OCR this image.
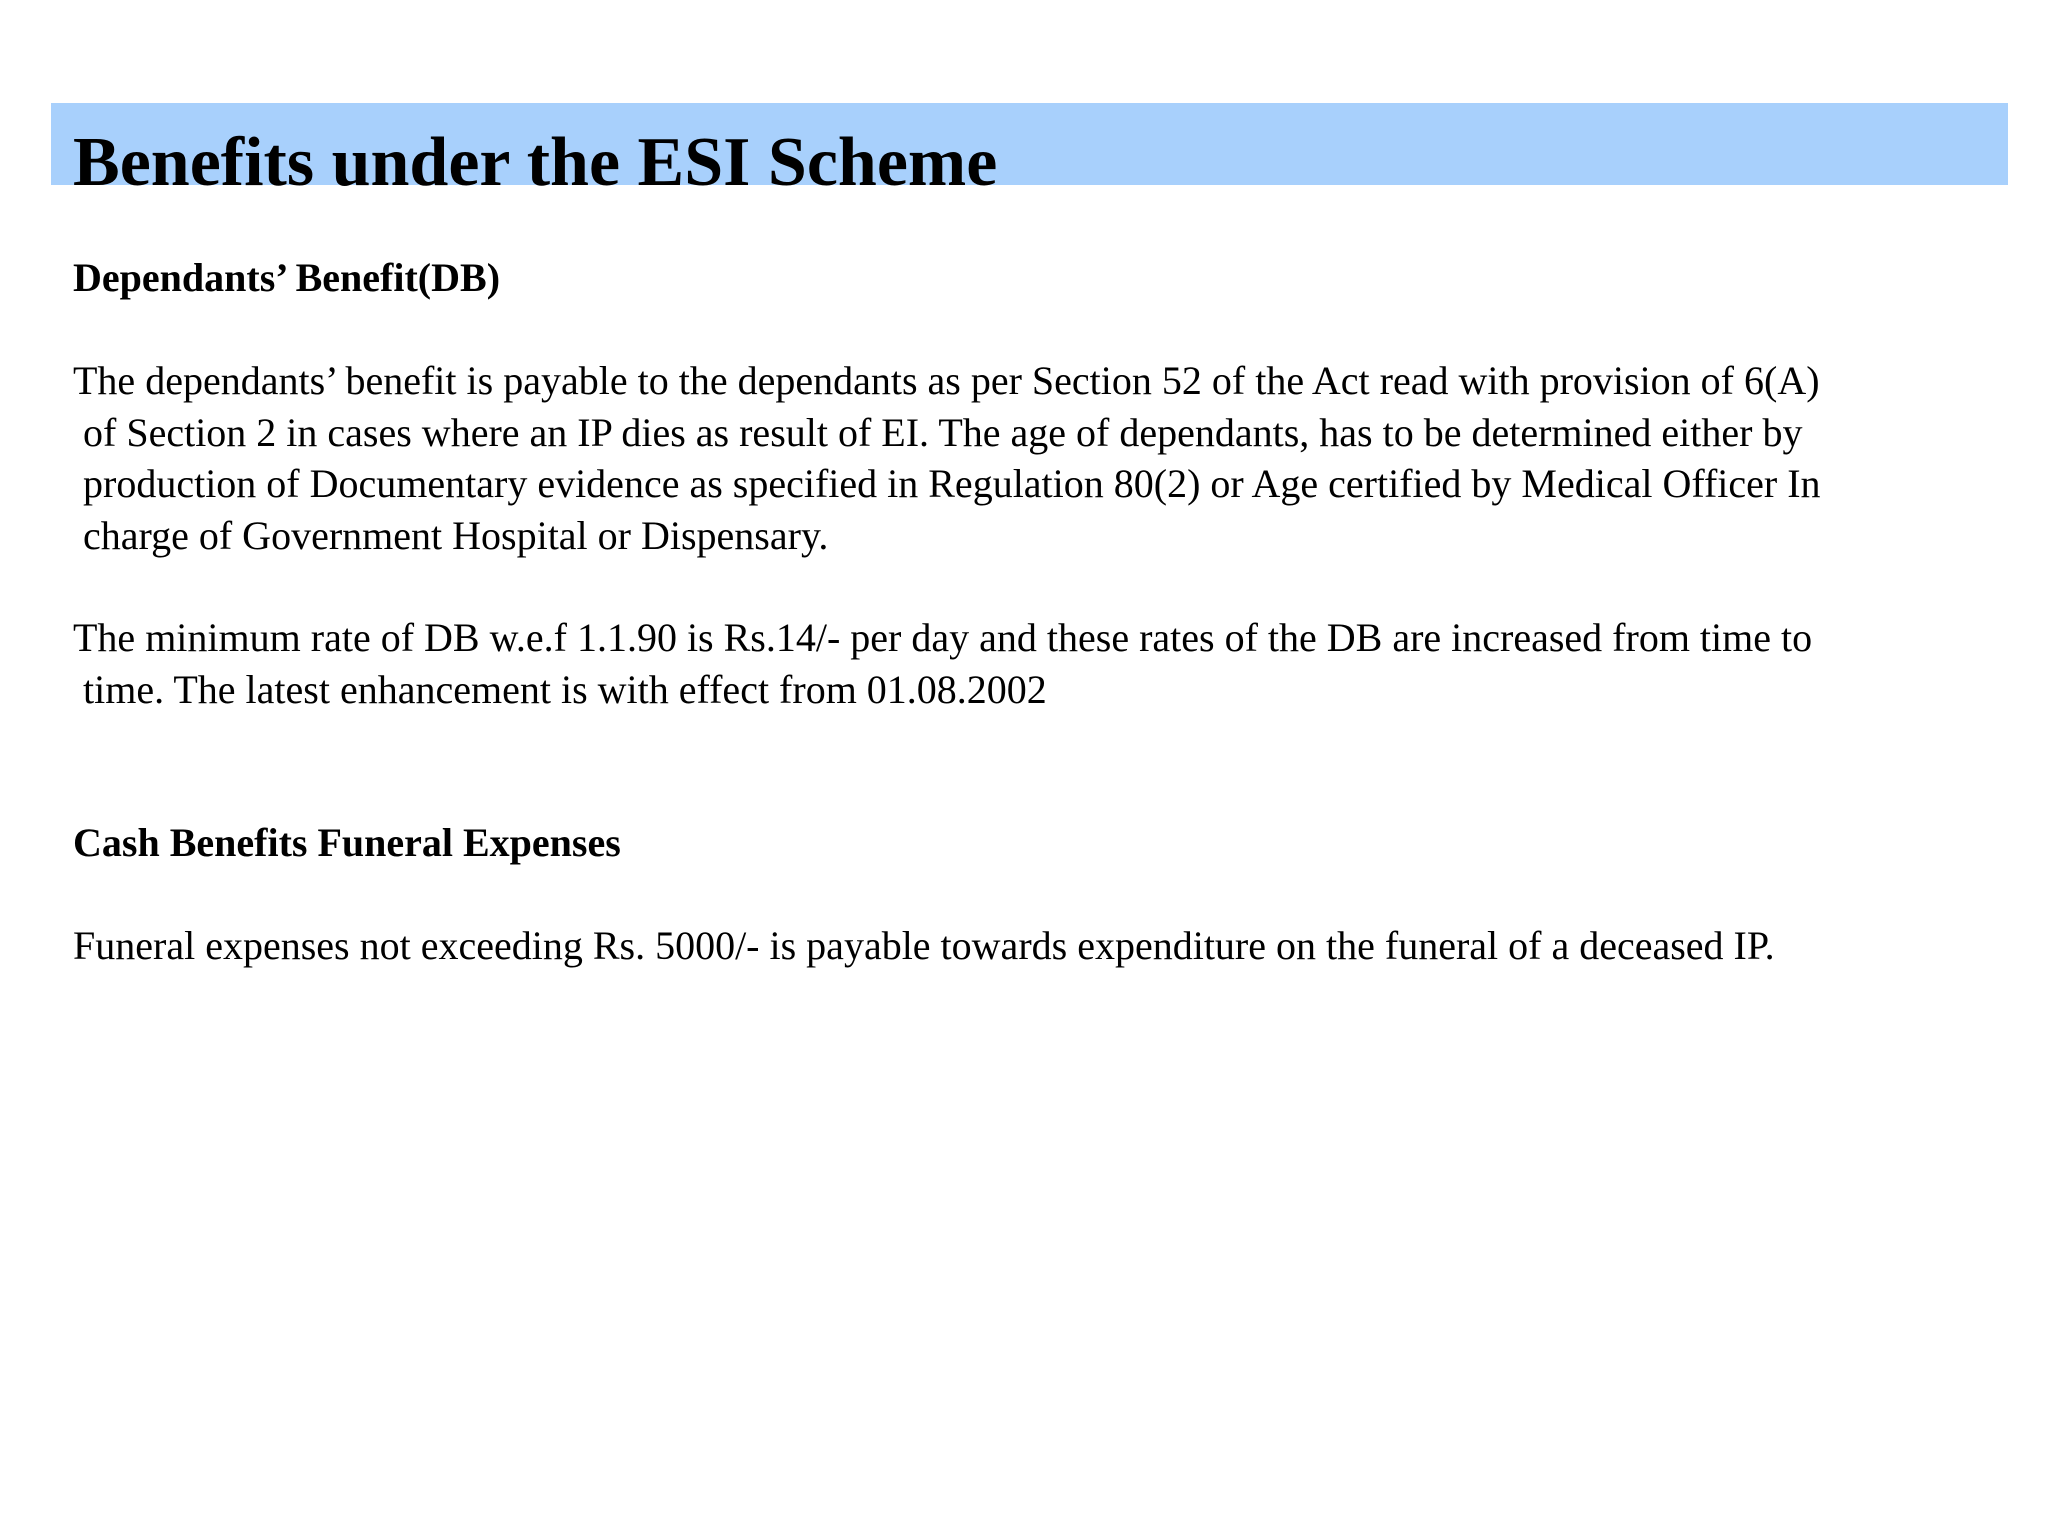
Benefits under the ESI Scheme
Dependants’ Benefit(DB)

The dependants’ benefit is payable to the dependants as per Section 52 of the Act read with provision of 6(A)
of Section 2 in cases where an IP dies as result of EI. The age of dependants, has to be determined either by
production of Documentary evidence as specified in Regulation 80(2) or Age certified by Medical Officer In
charge of Government Hospital or Dispensary.

The minimum rate of DB w.e.f 1.1.90 is Rs.14/- per day and these rates of the DB are increased from time to
time. The latest enhancement is with effect from 01.08.2002

Cash Benefits Funeral Expenses

Funeral expenses not exceeding Rs. 5000/- is payable towards expenditure on the funeral of a deceased IP.
